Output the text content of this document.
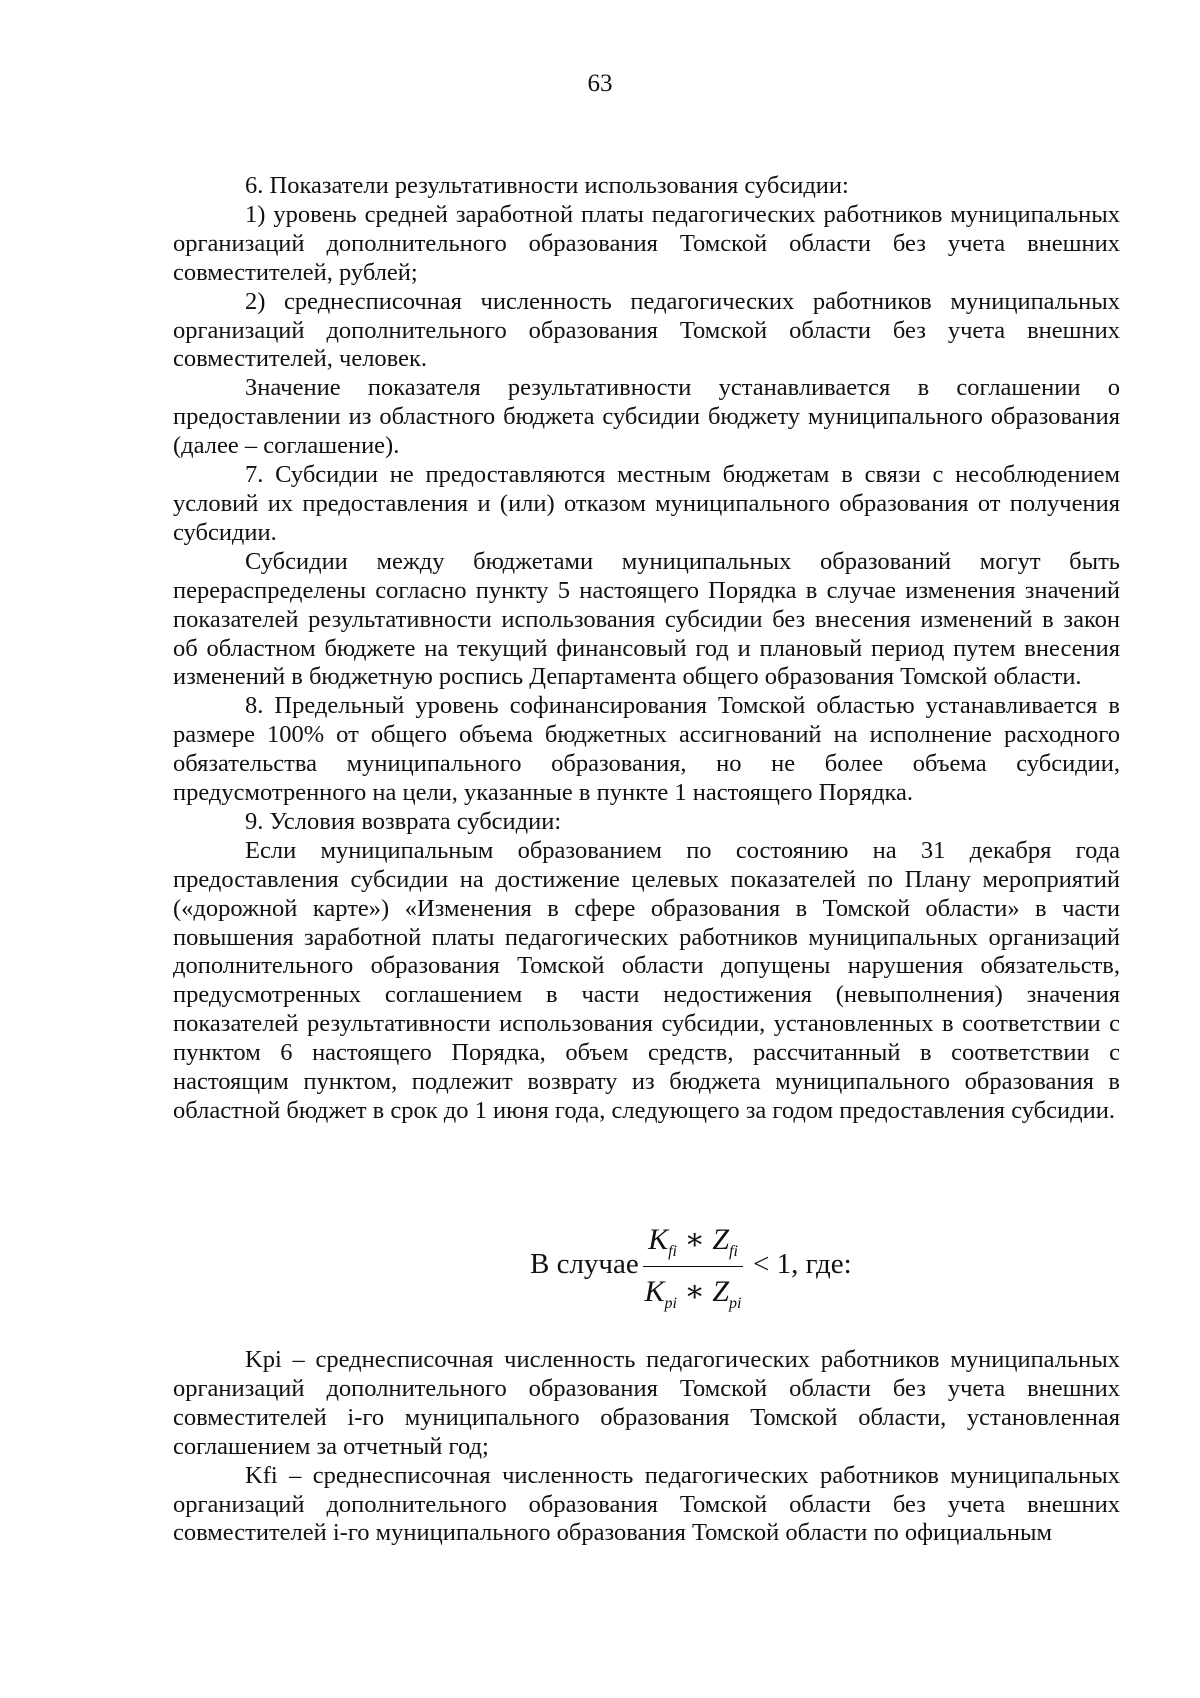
63

6. Показатели результативности использования субсидии:

1) уровень средней заработной платы педагогических работников муниципальных организаций дополнительного образования Томской области без учета внешних совместителей, рублей;

2) среднесписочная численность педагогических работников муниципальных организаций дополнительного образования Томской области без учета внешних совместителей, человек.

Значение показателя результативности устанавливается в соглашении о предоставлении из областного бюджета субсидии бюджету муниципального образования (далее – соглашение).

7. Субсидии не предоставляются местным бюджетам в связи с несоблюдением условий их предоставления и (или) отказом муниципального образования от получения субсидии.

Субсидии между бюджетами муниципальных образований могут быть перераспределены согласно пункту 5 настоящего Порядка в случае изменения значений показателей результативности использования субсидии без внесения изменений в закон об областном бюджете на текущий финансовый год и плановый период путем внесения изменений в бюджетную роспись Департамента общего образования Томской области.

8. Предельный уровень софинансирования Томской областью устанавливается в размере 100% от общего объема бюджетных ассигнований на исполнение расходного обязательства муниципального образования, но не более объема субсидии, предусмотренного на цели, указанные в пункте 1 настоящего Порядка.

9. Условия возврата субсидии:

Если муниципальным образованием по состоянию на 31 декабря года предоставления субсидии на достижение целевых показателей по Плану мероприятий («дорожной карте») «Изменения в сфере образования в Томской области» в части повышения заработной платы педагогических работников муниципальных организаций дополнительного образования Томской области допущены нарушения обязательств, предусмотренных соглашением в части недостижения (невыполнения) значения показателей результативности использования субсидии, установленных в соответствии с пунктом 6 настоящего Порядка, объем средств, рассчитанный в соответствии с настоящим пунктом, подлежит возврату из бюджета муниципального образования в областной бюджет в срок до 1 июня года, следующего за годом предоставления субсидии.

В случае
$K_{fi}$ ∗ $Z_{fi}$
$K_{pi}$ ∗ $Z_{pi}$
< 1, где:

Kpi – среднесписочная численность педагогических работников муниципальных организаций дополнительного образования Томской области без учета внешних совместителей i-го муниципального образования Томской области, установленная соглашением за отчетный год;

Kfi – среднесписочная численность педагогических работников муниципальных организаций дополнительного образования Томской области без учета внешних совместителей i-го муниципального образования Томской области по официальным
